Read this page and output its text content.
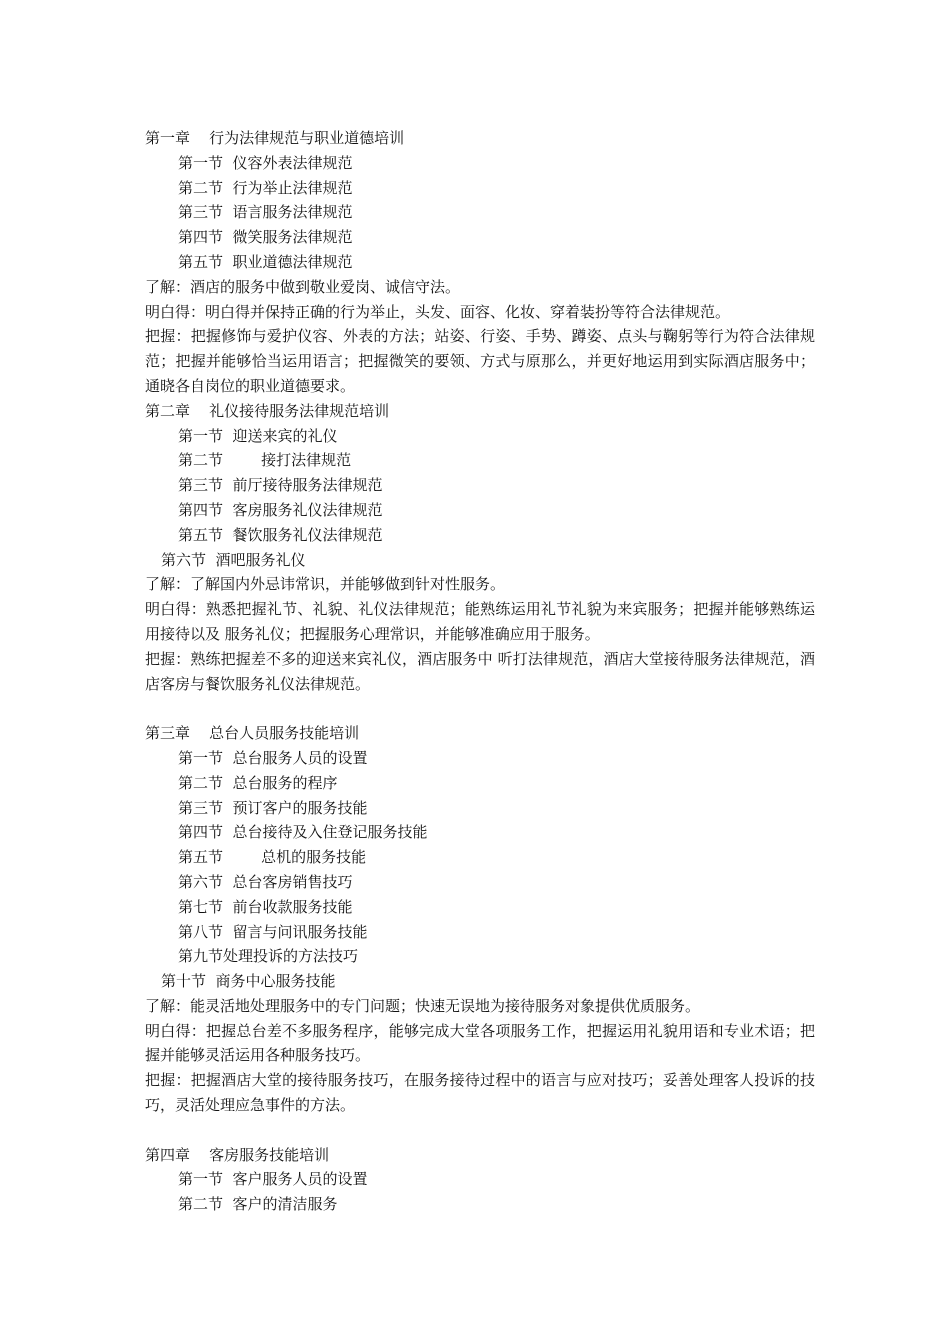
第一章    行为法律规范与职业道德培训
第一节  仪容外表法律规范
第二节  行为举止法律规范
第三节  语言服务法律规范
第四节  微笑服务法律规范
第五节  职业道德法律规范
了解：酒店的服务中做到敬业爱岗、诚信守法。
明白得：明白得并保持正确的行为举止，头发、面容、化妆、穿着装扮等符合法律规范。
把握：把握修饰与爱护仪容、外表的方法；站姿、行姿、手势、蹲姿、点头与鞠躬等行为符合法律规范；把握并能够恰当运用语言；把握微笑的要领、方式与原那么，并更好地运用到实际酒店服务中；通晓各自岗位的职业道德要求。
第二章    礼仪接待服务法律规范培训
第一节  迎送来宾的礼仪
第二节        接打法律规范
第三节  前厅接待服务法律规范
第四节  客房服务礼仪法律规范
第五节  餐饮服务礼仪法律规范
第六节  酒吧服务礼仪
了解：了解国内外忌讳常识，并能够做到针对性服务。
明白得：熟悉把握礼节、礼貌、礼仪法律规范；能熟练运用礼节礼貌为来宾服务；把握并能够熟练运用接待以及 服务礼仪；把握服务心理常识，并能够准确应用于服务。
把握：熟练把握差不多的迎送来宾礼仪，酒店服务中 听打法律规范，酒店大堂接待服务法律规范，酒店客房与餐饮服务礼仪法律规范。
第三章    总台人员服务技能培训
第一节  总台服务人员的设置
第二节  总台服务的程序
第三节  预订客户的服务技能
第四节  总台接待及入住登记服务技能
第五节        总机的服务技能
第六节  总台客房销售技巧
第七节  前台收款服务技能
第八节  留言与问讯服务技能
第九节处理投诉的方法技巧
第十节  商务中心服务技能
了解：能灵活地处理服务中的专门问题；快速无误地为接待服务对象提供优质服务。
明白得：把握总台差不多服务程序，能够完成大堂各项服务工作，把握运用礼貌用语和专业术语；把握并能够灵活运用各种服务技巧。
把握：把握酒店大堂的接待服务技巧，在服务接待过程中的语言与应对技巧；妥善处理客人投诉的技巧，灵活处理应急事件的方法。
第四章    客房服务技能培训
第一节  客户服务人员的设置
第二节  客户的清洁服务
